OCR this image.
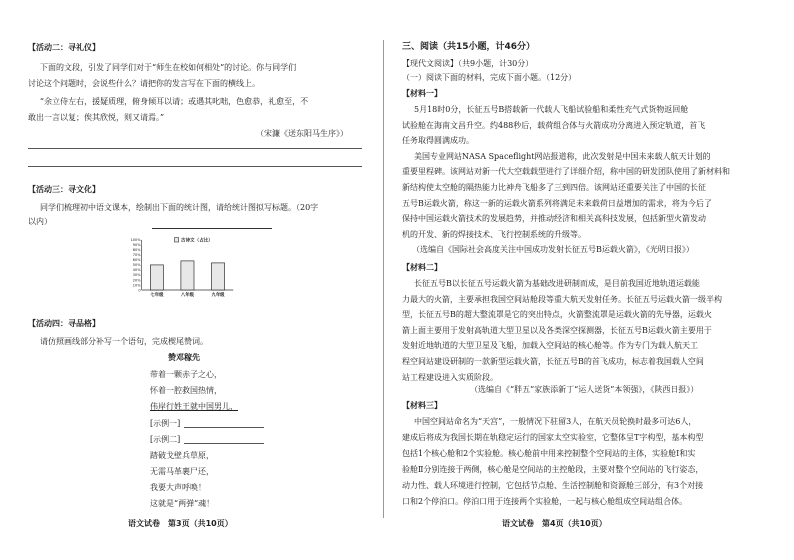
【活动二：寻礼仪】
下面的文段，引发了同学们对于“师生在校如何相处”的讨论。你与同学们
讨论这个问题时，会说些什么？请把你的发言写在下面的横线上。
“余立侍左右，援疑质理，俯身倾耳以请；或遇其叱咄，色愈恭，礼愈至，不
敢出一言以复；俟其欣悦，则又请焉。”
（宋濂《送东阳马生序》）
【活动三：寻文化】
同学们梳理初中语文课本，绘制出下面的统计图，请给统计图拟写标题。（20字
以内）
100%
90%
80%
70%
60%
50%
40%
30%
20%
10%
0
七年级	八年级	九年级
古诗文（占比）
【活动四：寻品格】
请仿照画线部分补写一个语句，完成楔尾赞词。
赞邓稼先
带着一颗赤子之心，
怀着一腔救国热情，
伟岸行姓王就中国男儿，
[示例一]
[示例二]
踏破戈壁兵草原，
无需马革裹尸还，
我要大声呼唤！
这就是“两弹”魂！
语文试卷　第3页（共10页）
三、阅读（共15小题，计46分）
【现代文阅读】（共9小题，计30分）
（一）阅读下面的材料，完成下面小题。（12分）
【材料一】
5月18时0分，长征五号B搭载新一代载人飞船试验船和柔性充气式货物返回舱
试验舱在海南文昌升空。约488秒后，载荷组合体与火箭成功分离进入预定轨道，首飞
任务取得圆满成功。
美国专业网站NASA Spaceflight网站报道称，此次发射是中国未来载人航天计划的
重要里程碑。该网站对新一代大空载载型进行了详细介绍，称中国的研发团队使用了新材料和
新结构使太空舱的隔热能力比神舟飞船多了三到四倍。该网站还重要关注了中国的长征
五号B运载火箭，称这一新的运载火箭系列将满足未来载荷日益增加的需求，将为今后了
保持中国运载火箭技术的发展趋势，并推动经济和相关高科技发展，包括新型火箭发动
机的开发、新的焊接技术、飞行控制系统的升级等。
（选编自《国际社会高度关注中国成功发射长征五号B运载火箭》，《光明日报》）
【材料二】
长征五号B以长征五号运载火箭为基础改进研制而成，是目前我国近地轨道运载能
力最大的火箭，主要承担我国空间站舱段等重大航天发射任务。长征五号运载火箭一级半构
型，长征五号B的超大整流罩是它的突出特点，火箭整流罩是运载火箭的先导器，运载火
箭上面主要用于发射高轨道大型卫星以及各类深空探测器，长征五号B运载火箭主要用于
发射近地轨道的大型卫星及飞船，加载入空间站的核心舱等。作为专门为载人航天工
程空间站建设研制的一款新型运载火箭，长征五号B的首飞成功，标志着我国载人空间
站工程建设进入实质阶段。
（选编自《“胖五”家族添新丁“运人送货”本领强》，《陕西日报》）
【材料三】
中国空间站命名为“天宫”，一般情况下驻留3人，在航天员轮换时最多可达6人，
建成后将成为我国长期在轨稳定运行的国家太空实验室，它整体呈T字构型，基本构型
包括1个核心舱和2个实验舱。核心舱前中用来控制整个空间站的主体，实验舱Ⅰ和实
验舱Ⅱ分别连接于两侧，核心舱是空间站的主控舱段，主要对整个空间站的飞行姿态，
动力性、载人环境进行控制，它包括节点舱、生活控制舱和资源舱三部分，有3个对接
口和2个停泊口。停泊口用于连接两个实验舱，一起与核心舱组成空间站组合体。
语文试卷　第4页（共10页）
